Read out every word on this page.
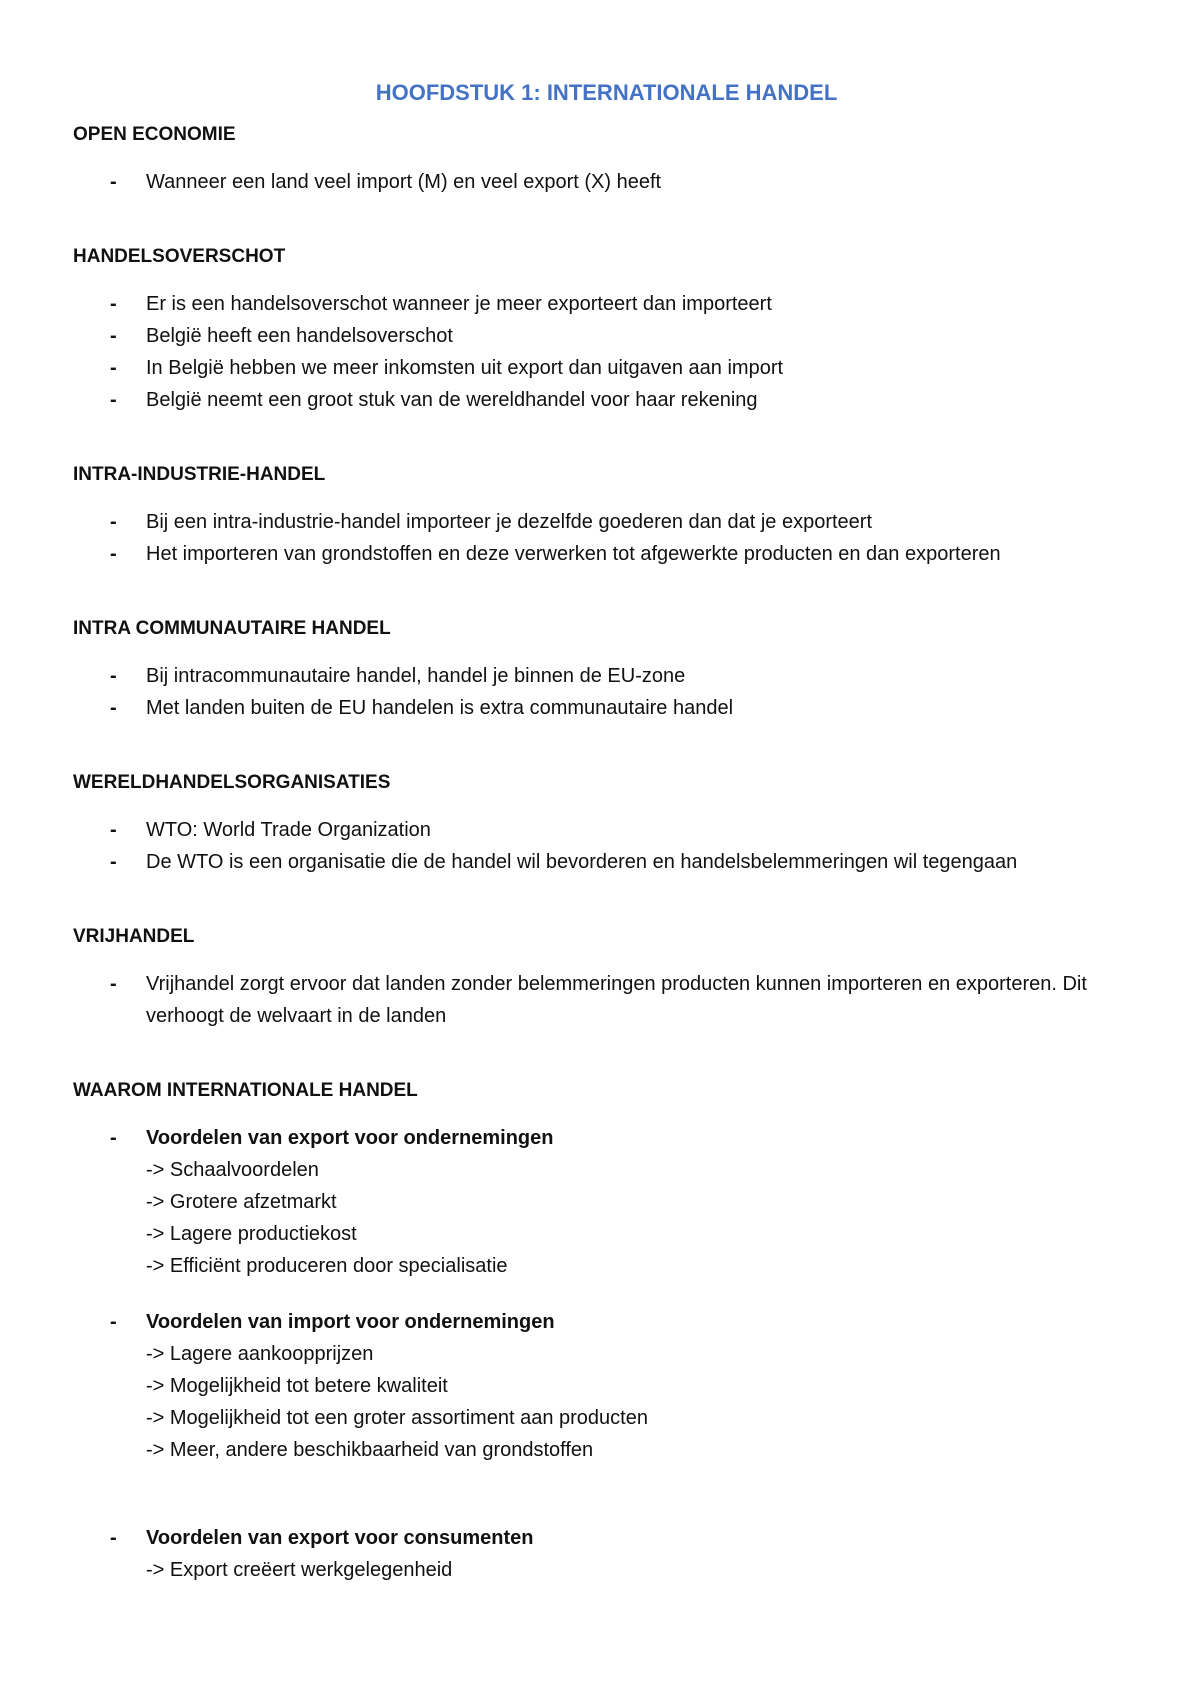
HOOFDSTUK 1: INTERNATIONALE HANDEL
OPEN ECONOMIE
- Wanneer een land veel import (M) en veel export (X) heeft
HANDELSOVERSCHOT
- Er is een handelsoverschot wanneer je meer exporteert dan importeert
- België heeft een handelsoverschot
- In België hebben we meer inkomsten uit export dan uitgaven aan import
- België neemt een groot stuk van de wereldhandel voor haar rekening
INTRA-INDUSTRIE-HANDEL
- Bij een intra-industrie-handel importeer je dezelfde goederen dan dat je exporteert
- Het importeren van grondstoffen en deze verwerken tot afgewerkte producten en dan exporteren
INTRA COMMUNAUTAIRE HANDEL
- Bij intracommunautaire handel, handel je binnen de EU-zone
- Met landen buiten de EU handelen is extra communautaire handel
WERELDHANDELSORGANISATIES
- WTO: World Trade Organization
- De WTO is een organisatie die de handel wil bevorderen en handelsbelemmeringen wil tegengaan
VRIJHANDEL
- Vrijhandel zorgt ervoor dat landen zonder belemmeringen producten kunnen importeren en exporteren. Dit verhoogt de welvaart in de landen
WAAROM INTERNATIONALE HANDEL
- Voordelen van export voor ondernemingen
-> Schaalvoordelen
-> Grotere afzetmarkt
-> Lagere productiekost
-> Efficiënt produceren door specialisatie
- Voordelen van import voor ondernemingen
-> Lagere aankoopprijzen
-> Mogelijkheid tot betere kwaliteit
-> Mogelijkheid tot een groter assortiment aan producten
-> Meer, andere beschikbaarheid van grondstoffen
- Voordelen van export voor consumenten
-> Export creëert werkgelegenheid
